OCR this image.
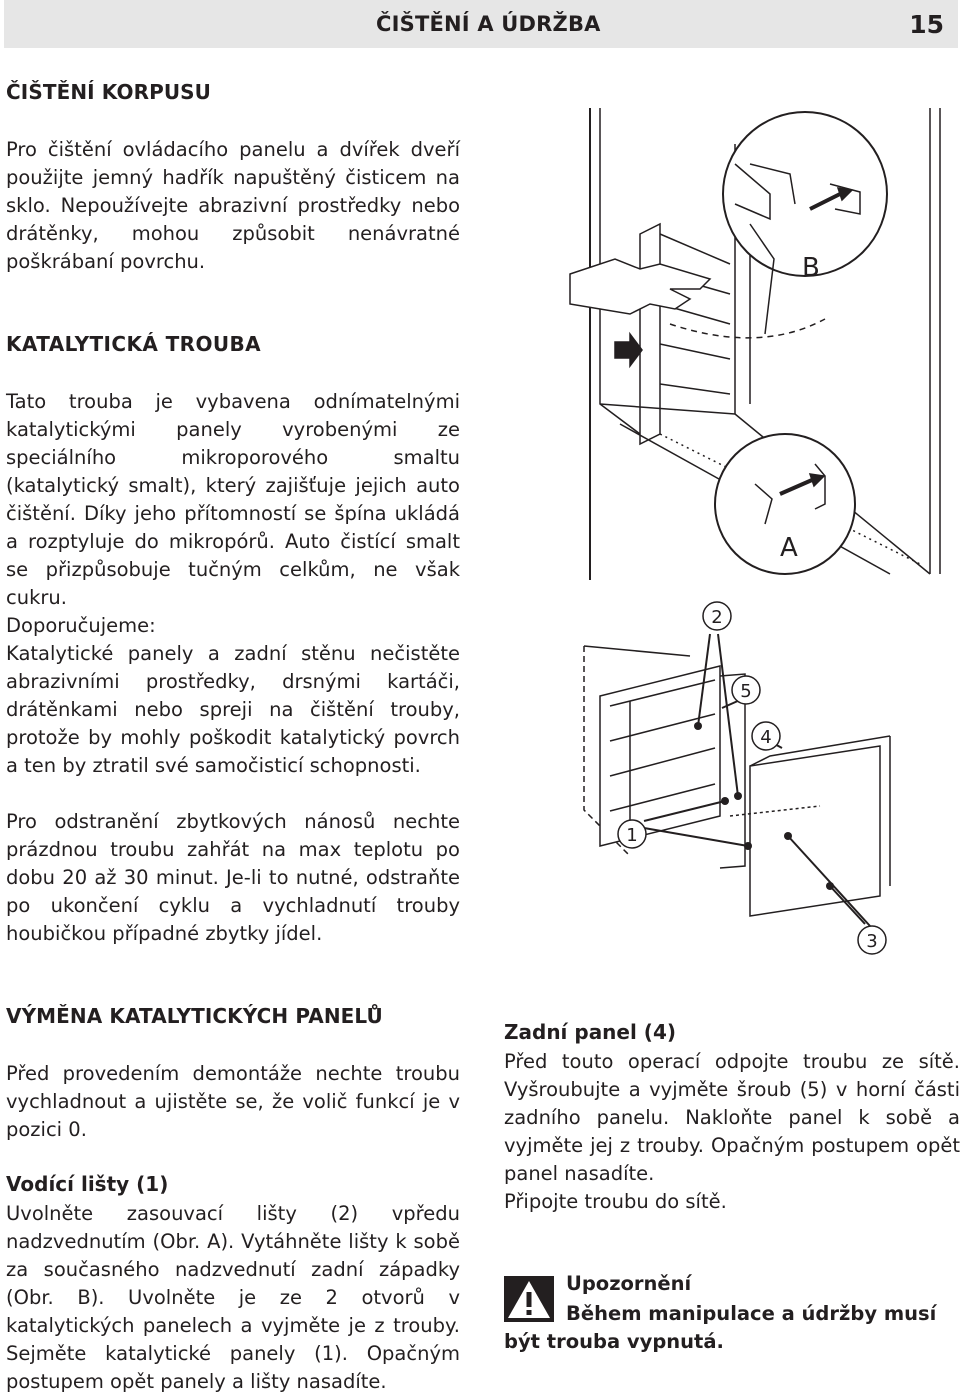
ČIŠTĚNÍ A ÚDRŽBA	15
ČIŠTĚNÍ KORPUSU
Pro čištění ovládacího panelu a dvířek dveří použijte jemný hadřík napuštěný čisticem na sklo. Nepoužívejte abrazivní prostředky nebo drátěnky, mohou způsobit nenávratné poškrábaní povrchu.
KATALYTICKÁ TROUBA
Tato trouba je vybavena odnímatelnými katalytickými panely vyrobenými ze speciálního mikroporového smaltu (katalytický smalt), který zajišťuje jejich auto čištění. Díky jeho přítomností se špína ukládá a rozptyluje do mikropórů. Auto čistící smalt se přizpůsobuje tučným celkům, ne však cukru.
Doporučujeme:
Katalytické panely a zadní stěnu nečistěte abrazivními prostředky, drsnými kartáči, drátěnkami nebo spreji na čištění trouby, protože by mohly poškodit katalytický povrch a ten by ztratil své samočisticí schopnosti.
Pro odstranění zbytkových nánosů nechte prázdnou troubu zahřát na max teplotu po dobu 20 až 30 minut. Je-li to nutné, odstraňte po ukončení cyklu a vychladnutí trouby houbičkou případné zbytky jídel.
VÝMĚNA KATALYTICKÝCH PANELŮ
Před provedením demontáže nechte troubu vychladnout a ujistěte se, že volič funkcí je v pozici 0.
Vodící lišty (1)
Uvolněte zasouvací lišty (2) vpředu nadzvednutím (Obr. A). Vytáhněte lišty k sobě za současného nadzvednutí zadní západky (Obr. B). Uvolněte je ze 2 otvorů v katalytických panelech a vyjměte je z trouby. Sejměte katalytické panely (1). Opačným postupem opět panely a lišty nasadíte.
Zadní panel (4)
Před touto operací odpojte troubu ze sítě. Vyšroubujte a vyjměte šroub (5) v horní části zadního panelu. Nakloňte panel k sobě a vyjměte jej z trouby. Opačným postupem opět panel nasadíte.
Připojte troubu do sítě.
Upozornění
Během manipulace a údržby musí být trouba vypnutá.
B
A
1
2
3
4
5
